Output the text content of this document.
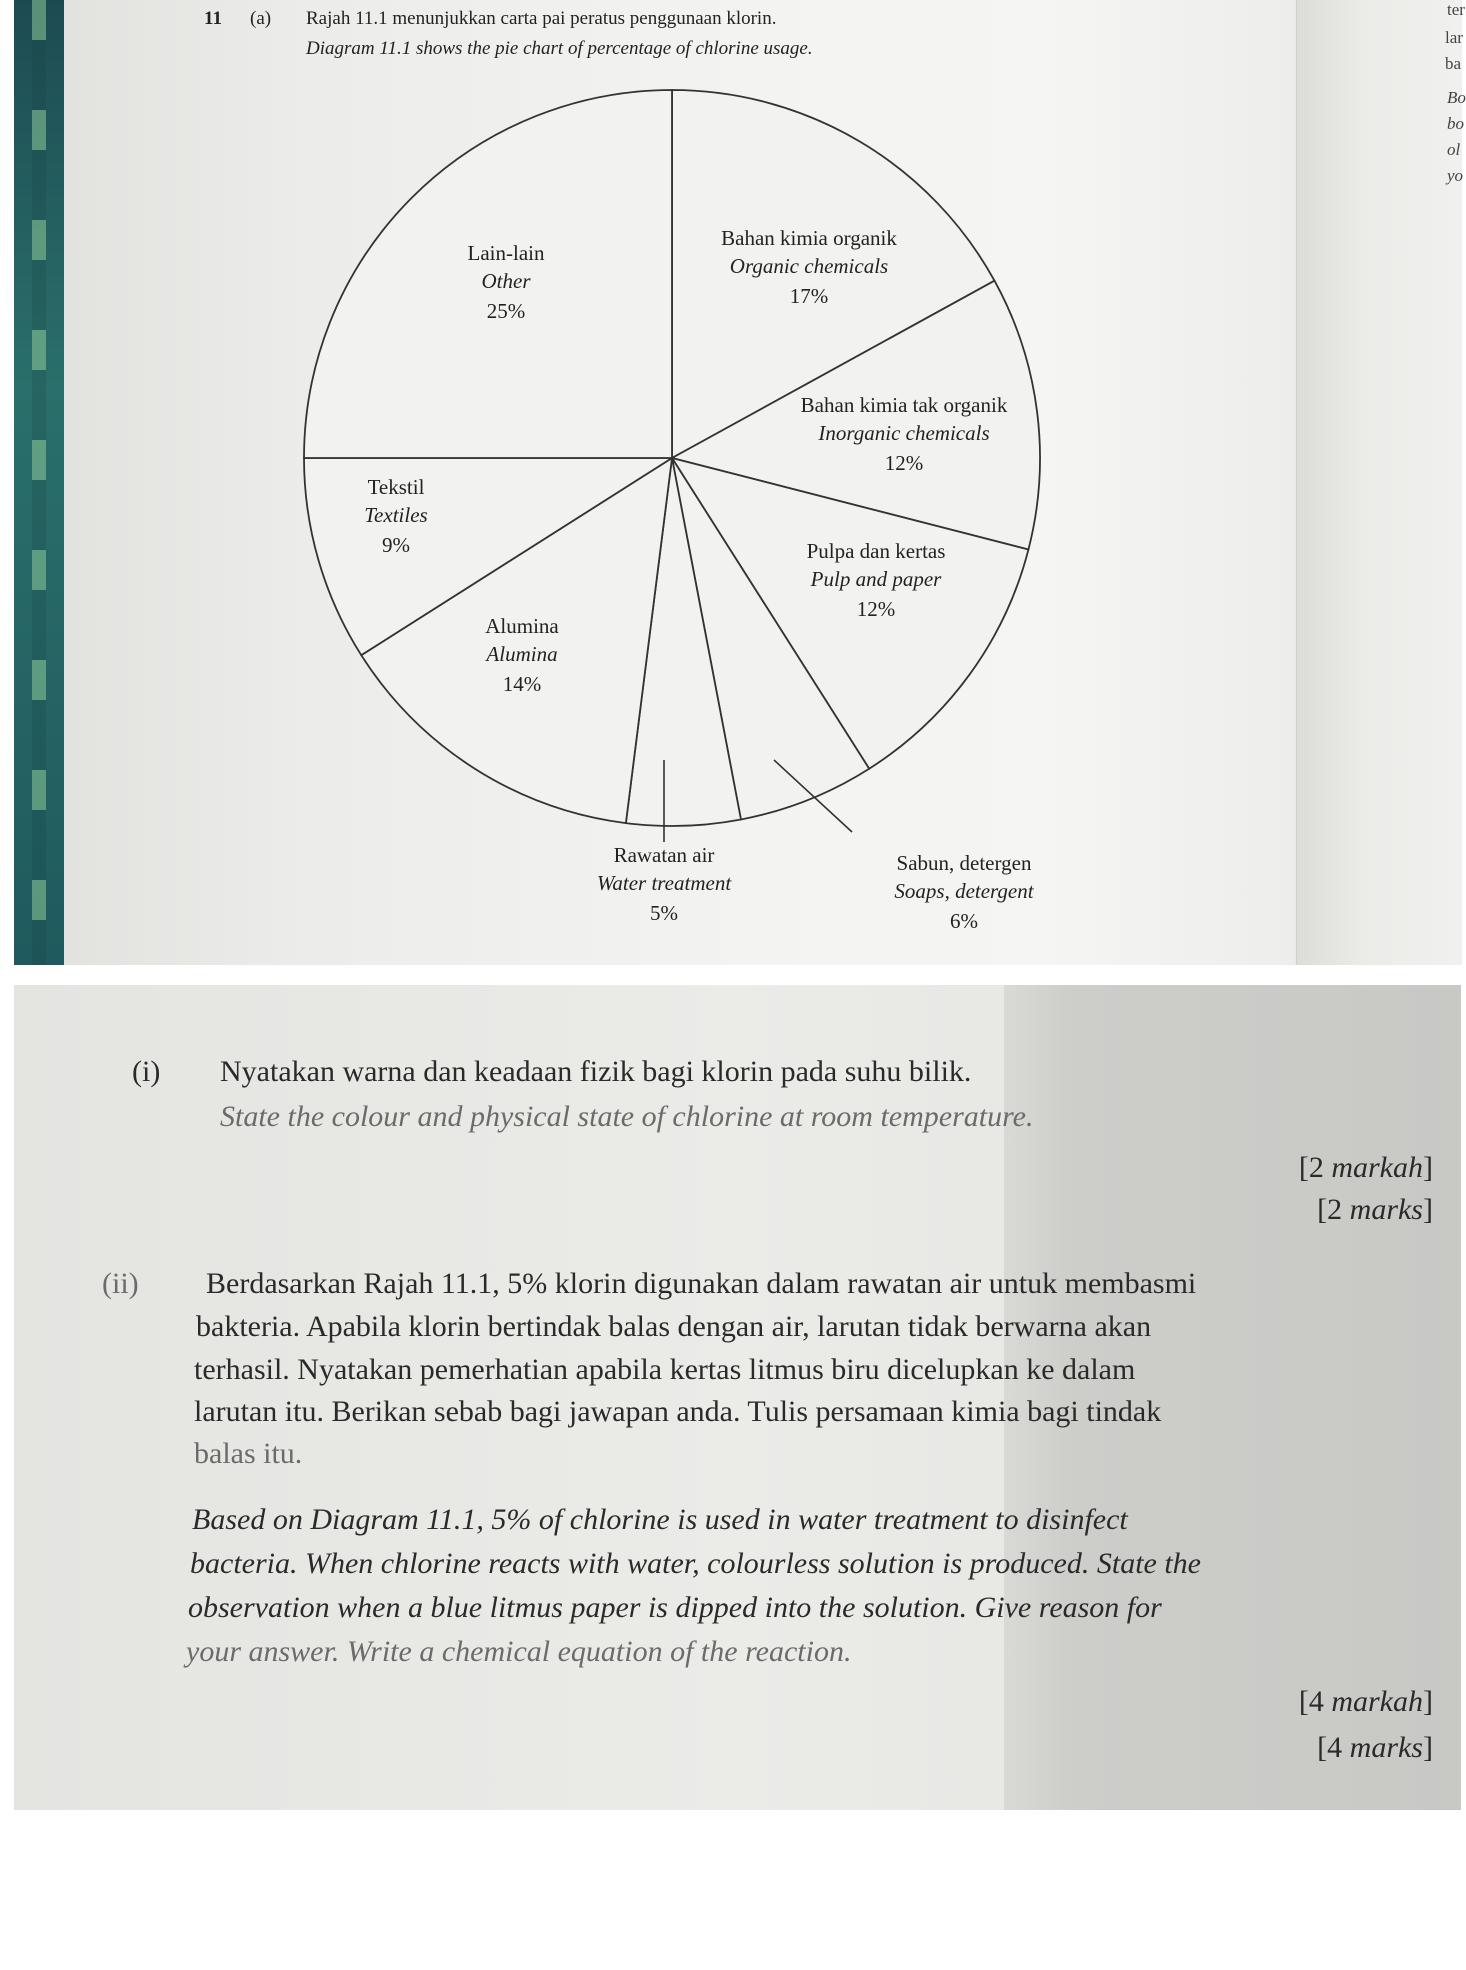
ter
lar
ba
Bo
bo
ol
yo
11 (a) Rajah 11.1 menunjukkan carta pai peratus penggunaan klorin.
Diagram 11.1 shows the pie chart of percentage of chlorine usage.
Bahan kimia organik
Organic chemicals
17%
Bahan kimia tak organik
Inorganic chemicals
12%
Pulpa dan kertas
Pulp and paper
12%
Sabun, detergen
Soaps, detergent
6%
Rawatan air
Water treatment
5%
Alumina
Alumina
14%
Tekstil
Textiles
9%
Lain-lain
Other
25%
(i) Nyatakan warna dan keadaan fizik bagi klorin pada suhu bilik.
State the colour and physical state of chlorine at room temperature.
[2 markah]
[2 marks]
(ii) Berdasarkan Rajah 11.1, 5% klorin digunakan dalam rawatan air untuk membasmi
bakteria. Apabila klorin bertindak balas dengan air, larutan tidak berwarna akan
terhasil. Nyatakan pemerhatian apabila kertas litmus biru dicelupkan ke dalam
larutan itu. Berikan sebab bagi jawapan anda. Tulis persamaan kimia bagi tindak
balas itu.
Based on Diagram 11.1, 5% of chlorine is used in water treatment to disinfect
bacteria. When chlorine reacts with water, colourless solution is produced. State the
observation when a blue litmus paper is dipped into the solution. Give reason for
your answer. Write a chemical equation of the reaction.
[4 markah]
[4 marks]
